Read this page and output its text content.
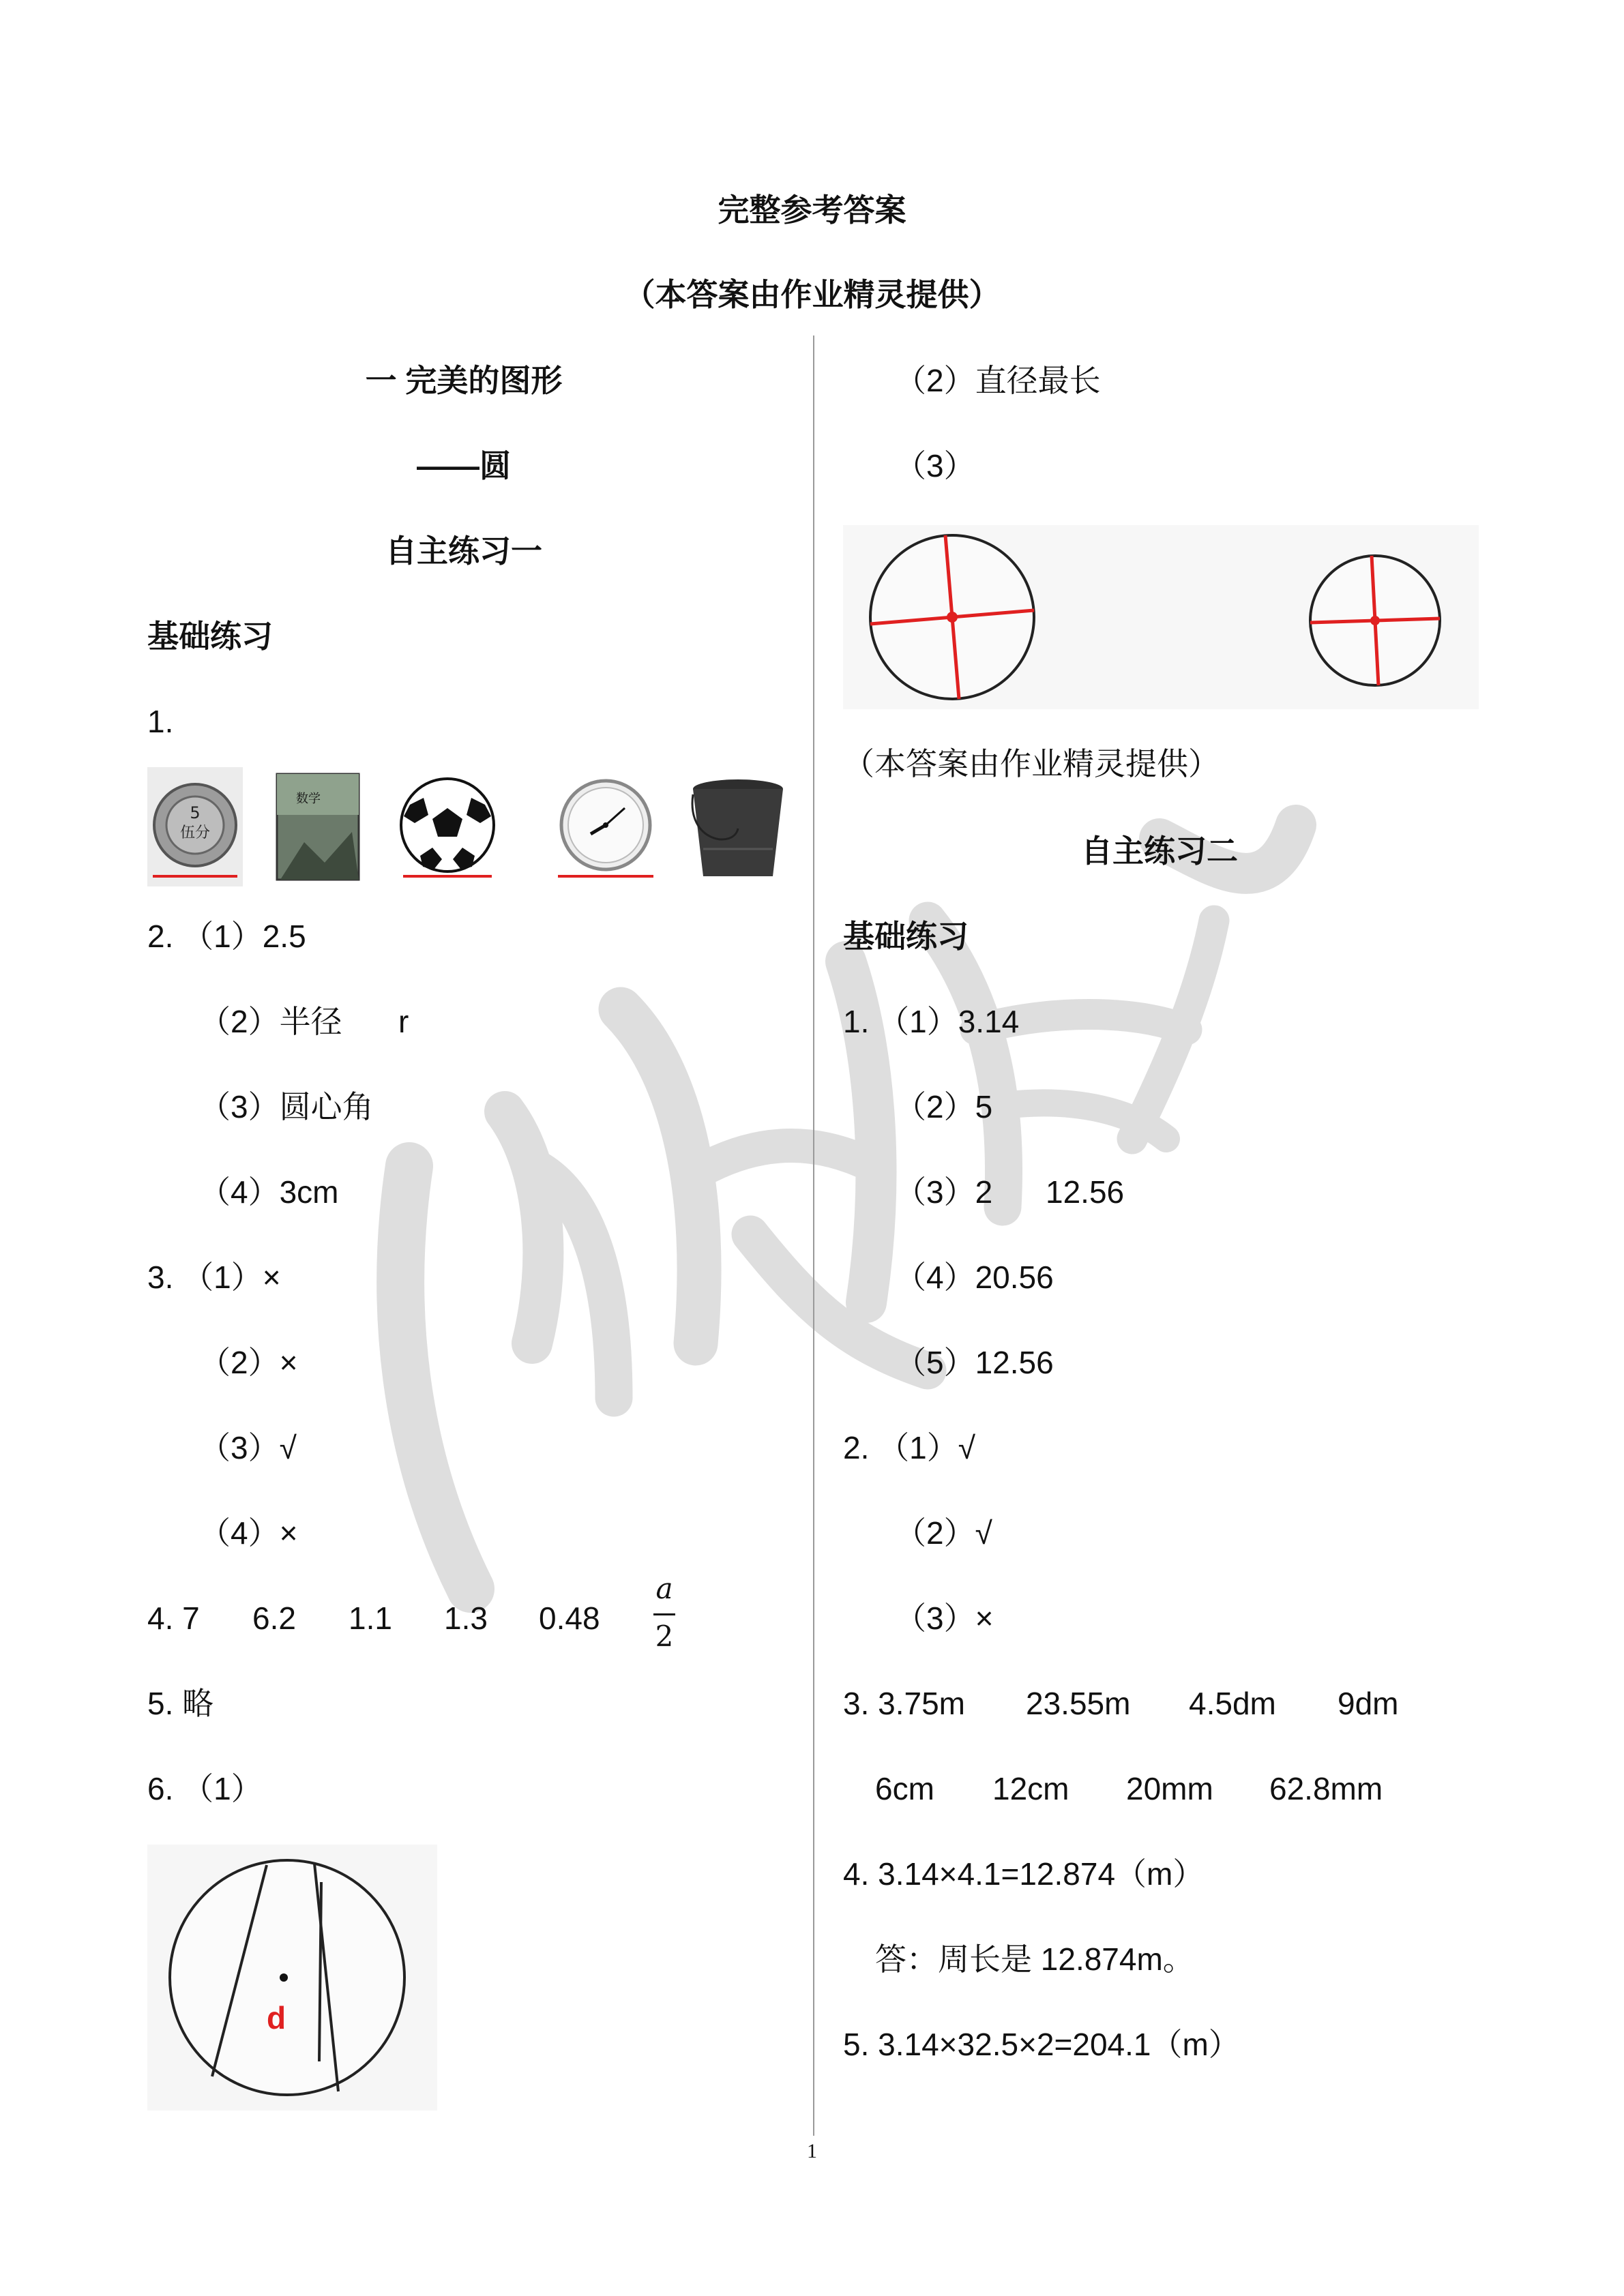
完整参考答案
（本答案由作业精灵提供）
一 完美的图形
——圆
自主练习一
基础练习
1.
5
伍分
数学
2. （1）2.5
（2）半径 r
（3）圆心角
（4）3cm
3. （1）×
（2）×
（3）√
（4）×
4. 7 6.2 1.1 1.3 0.48
a
2
5. 略
6. （1）
d
（2）直径最长
（3）
（本答案由作业精灵提供）
自主练习二
基础练习
1. （1）3.14
（2）5
（3）2 12.56
（4）20.56
（5）12.56
2. （1）√
（2）√
（3）×
3. 3.75m 23.55m 4.5dm 9dm
6cm 12cm 20mm 62.8mm
4. 3.14×4.1=12.874（m）
答：周长是 12.874m。
5. 3.14×32.5×2=204.1（m）
1
